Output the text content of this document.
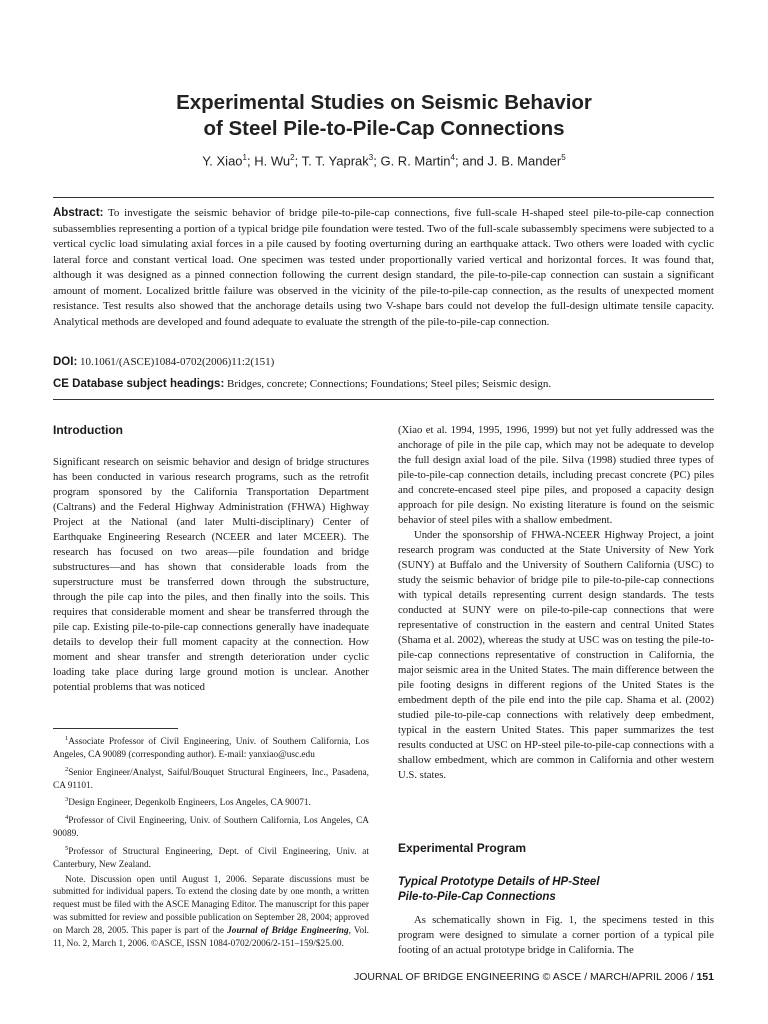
Experimental Studies on Seismic Behavior
of Steel Pile-to-Pile-Cap Connections
Y. Xiao$^1$; H. Wu$^2$; T. T. Yaprak$^3$; G. R. Martin$^4$; and J. B. Mander$^5$
Abstract: To investigate the seismic behavior of bridge pile-to-pile-cap connections, five full-scale H-shaped steel pile-to-pile-cap connection subassemblies representing a portion of a typical bridge pile foundation were tested. Two of the full-scale subassembly specimens were subjected to a vertical cyclic load simulating axial forces in a pile caused by footing overturning during an earthquake attack. Two others were loaded with cyclic lateral force and constant vertical load. One specimen was tested under proportionally varied vertical and horizontal forces. It was found that, although it was designed as a pinned connection following the current design standard, the pile-to-pile-cap connection can sustain a significant amount of moment. Localized brittle failure was observed in the vicinity of the pile-to-pile-cap connection, as the results of unexpected moment resistance. Test results also showed that the anchorage details using two V-shape bars could not develop the full-design ultimate tensile capacity. Analytical methods are developed and found adequate to evaluate the strength of the pile-to-pile-cap connection.
DOI: 10.1061/(ASCE)1084-0702(2006)11:2(151)
CE Database subject headings: Bridges, concrete; Connections; Foundations; Steel piles; Seismic design.
Introduction

Significant research on seismic behavior and design of bridge structures has been conducted in various research programs, such as the retrofit program sponsored by the California Transportation Department (Caltrans) and the Federal Highway Administration (FHWA) Highway Project at the National (and later Multi-disciplinary) Center of Earthquake Engineering Research (NCEER and later MCEER). The research has focused on two areas—pile foundation and bridge substructures—and has shown that considerable loads from the superstructure must be transferred down through the substructure, through the pile cap into the piles, and then finally into the soils. This requires that considerable moment and shear be transferred through the pile cap. Existing pile-to-pile-cap connections generally have inadequate details to develop their full moment capacity at the connection. How moment and shear transfer and strength deterioration under cyclic loading take place during large ground motion is unclear. Another potential problems that was noticed

$^1$Associate Professor of Civil Engineering, Univ. of Southern California, Los Angeles, CA 90089 (corresponding author). E-mail: yanxiao@usc.edu

$^2$Senior Engineer/Analyst, Saiful/Bouquet Structural Engineers, Inc., Pasadena, CA 91101.

$^3$Design Engineer, Degenkolb Engineers, Los Angeles, CA 90071.

$^4$Professor of Civil Engineering, Univ. of Southern California, Los Angeles, CA 90089.

$^5$Professor of Structural Engineering, Dept. of Civil Engineering, Univ. at Canterbury, New Zealand.

Note. Discussion open until August 1, 2006. Separate discussions must be submitted for individual papers. To extend the closing date by one month, a written request must be filed with the ASCE Managing Editor. The manuscript for this paper was submitted for review and possible publication on September 28, 2004; approved on March 28, 2005. This paper is part of the Journal of Bridge Engineering, Vol. 11, No. 2, March 1, 2006. ©ASCE, ISSN 1084-0702/2006/2-151–159/$25.00.

(Xiao et al. 1994, 1995, 1996, 1999) but not yet fully addressed was the anchorage of pile in the pile cap, which may not be adequate to develop the full design axial load of the pile. Silva (1998) studied three types of pile-to-pile-cap connection details, including precast concrete (PC) piles and concrete-encased steel pipe piles, and proposed a capacity design approach for pile design. No existing literature is found on the seismic behavior of steel piles with a shallow embedment.

Under the sponsorship of FHWA-NCEER Highway Project, a joint research program was conducted at the State University of New York (SUNY) at Buffalo and the University of Southern California (USC) to study the seismic behavior of bridge pile to pile-to-pile-cap connections with typical details representing current design standards. The tests conducted at SUNY were on pile-to-pile-cap connections that were representative of construction in the eastern and central United States (Shama et al. 2002), whereas the study at USC was on testing the pile-to-pile-cap connections representative of construction in California, the major seismic area in the United States. The main difference between the pile footing designs in different regions of the United States is the embedment depth of the pile end into the pile cap. Shama et al. (2002) studied pile-to-pile-cap connections with relatively deep embedment, typical in the eastern United States. This paper summarizes the test results conducted at USC on HP-steel pile-to-pile-cap connections with a shallow embedment, which are common in California and other western U.S. states.

Experimental Program
Typical Prototype Details of HP-Steel
Pile-to-Pile-Cap Connections

As schematically shown in Fig. 1, the specimens tested in this program were designed to simulate a corner portion of a typical pile footing of an actual prototype bridge in California. The

JOURNAL OF BRIDGE ENGINEERING © ASCE / MARCH/APRIL 2006 / 151
